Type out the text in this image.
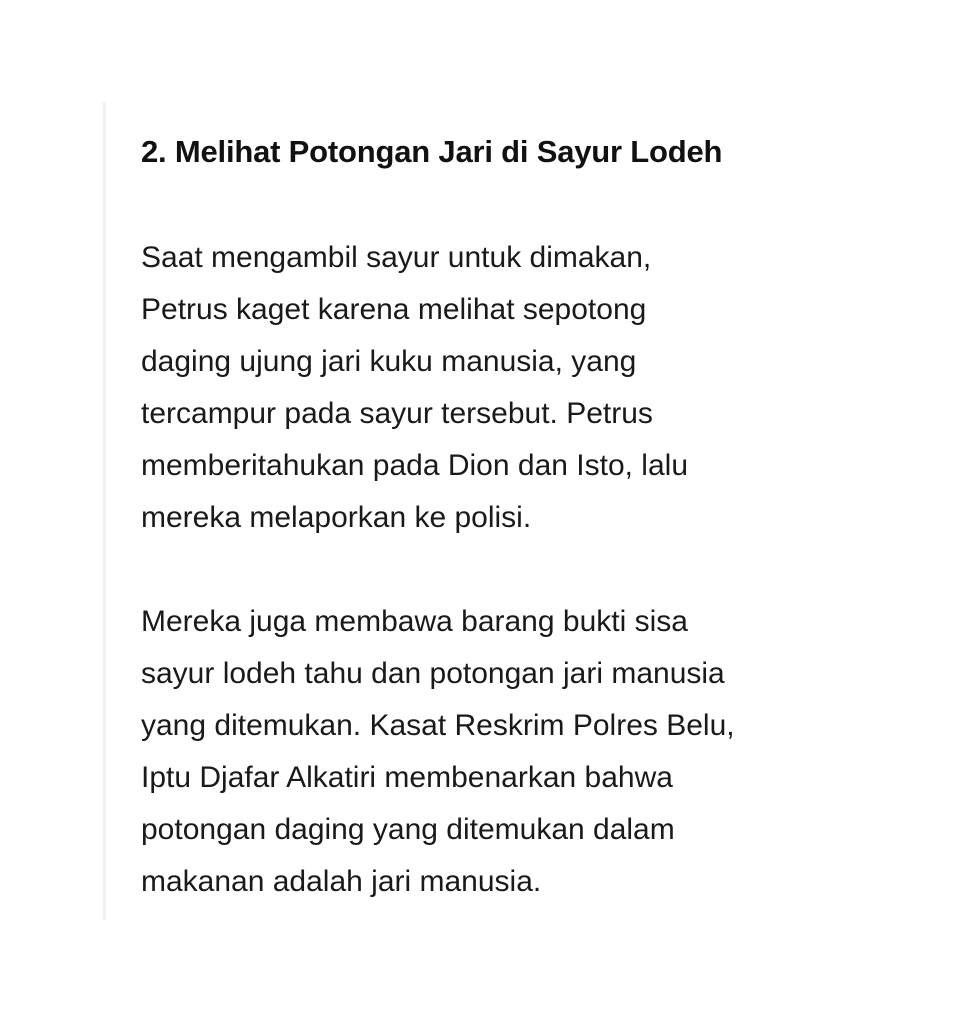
2. Melihat Potongan Jari di Sayur Lodeh

Saat mengambil sayur untuk dimakan,
Petrus kaget karena melihat sepotong
daging ujung jari kuku manusia, yang
tercampur pada sayur tersebut. Petrus
memberitahukan pada Dion dan Isto, lalu
mereka melaporkan ke polisi.

Mereka juga membawa barang bukti sisa
sayur lodeh tahu dan potongan jari manusia
yang ditemukan. Kasat Reskrim Polres Belu,
Iptu Djafar Alkatiri membenarkan bahwa
potongan daging yang ditemukan dalam
makanan adalah jari manusia.
